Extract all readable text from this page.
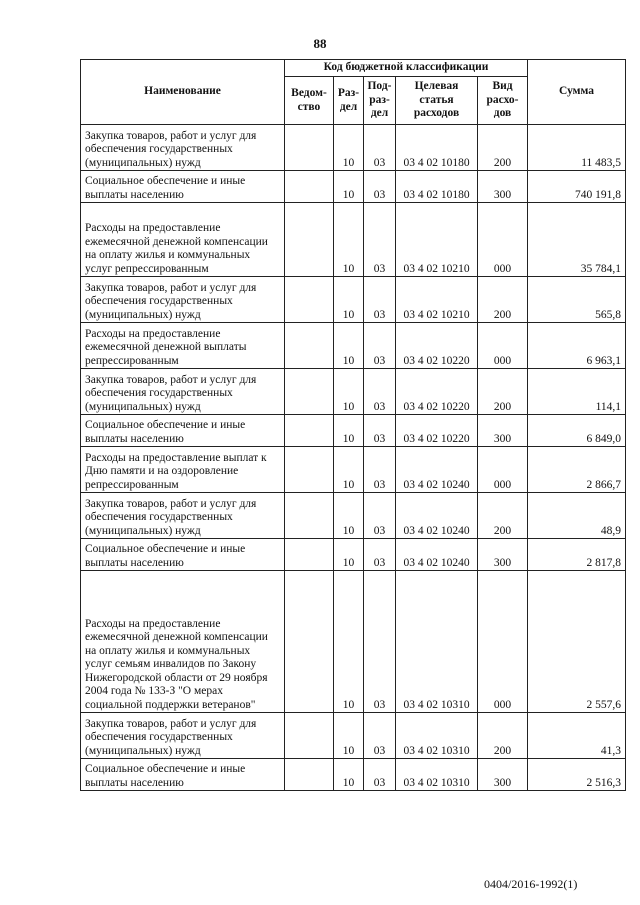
88
Наименование	Код бюджетной классификации					Сумма
	Ведом-ство	Раз-дел	Под-раз-дел	Целевая статья расходов	Вид расхо-дов	
Закупка товаров, работ и услуг для обеспечения государственных (муниципальных) нужд		10	03	03 4 02 10180	200	11 483,5
Социальное обеспечение и иные выплаты населению		10	03	03 4 02 10180	300	740 191,8
Расходы на предоставление ежемесячной денежной компенсации на оплату жилья и коммунальных услуг репрессированным		10	03	03 4 02 10210	000	35 784,1
Закупка товаров, работ и услуг для обеспечения государственных (муниципальных) нужд		10	03	03 4 02 10210	200	565,8
Расходы на предоставление ежемесячной денежной выплаты репрессированным		10	03	03 4 02 10220	000	6 963,1
Закупка товаров, работ и услуг для обеспечения государственных (муниципальных) нужд		10	03	03 4 02 10220	200	114,1
Социальное обеспечение и иные выплаты населению		10	03	03 4 02 10220	300	6 849,0
Расходы на предоставление выплат к Дню памяти и на оздоровление репрессированным		10	03	03 4 02 10240	000	2 866,7
Закупка товаров, работ и услуг для обеспечения государственных (муниципальных) нужд		10	03	03 4 02 10240	200	48,9
Социальное обеспечение и иные выплаты населению		10	03	03 4 02 10240	300	2 817,8
Расходы на предоставление ежемесячной денежной компенсации на оплату жилья и коммунальных услуг семьям инвалидов по Закону Нижегородской области от 29 ноября 2004 года № 133-З "О мерах социальной поддержки ветеранов"		10	03	03 4 02 10310	000	2 557,6
Закупка товаров, работ и услуг для обеспечения государственных (муниципальных) нужд		10	03	03 4 02 10310	200	41,3
Социальное обеспечение и иные выплаты населению		10	03	03 4 02 10310	300	2 516,3
0404/2016-1992(1)
